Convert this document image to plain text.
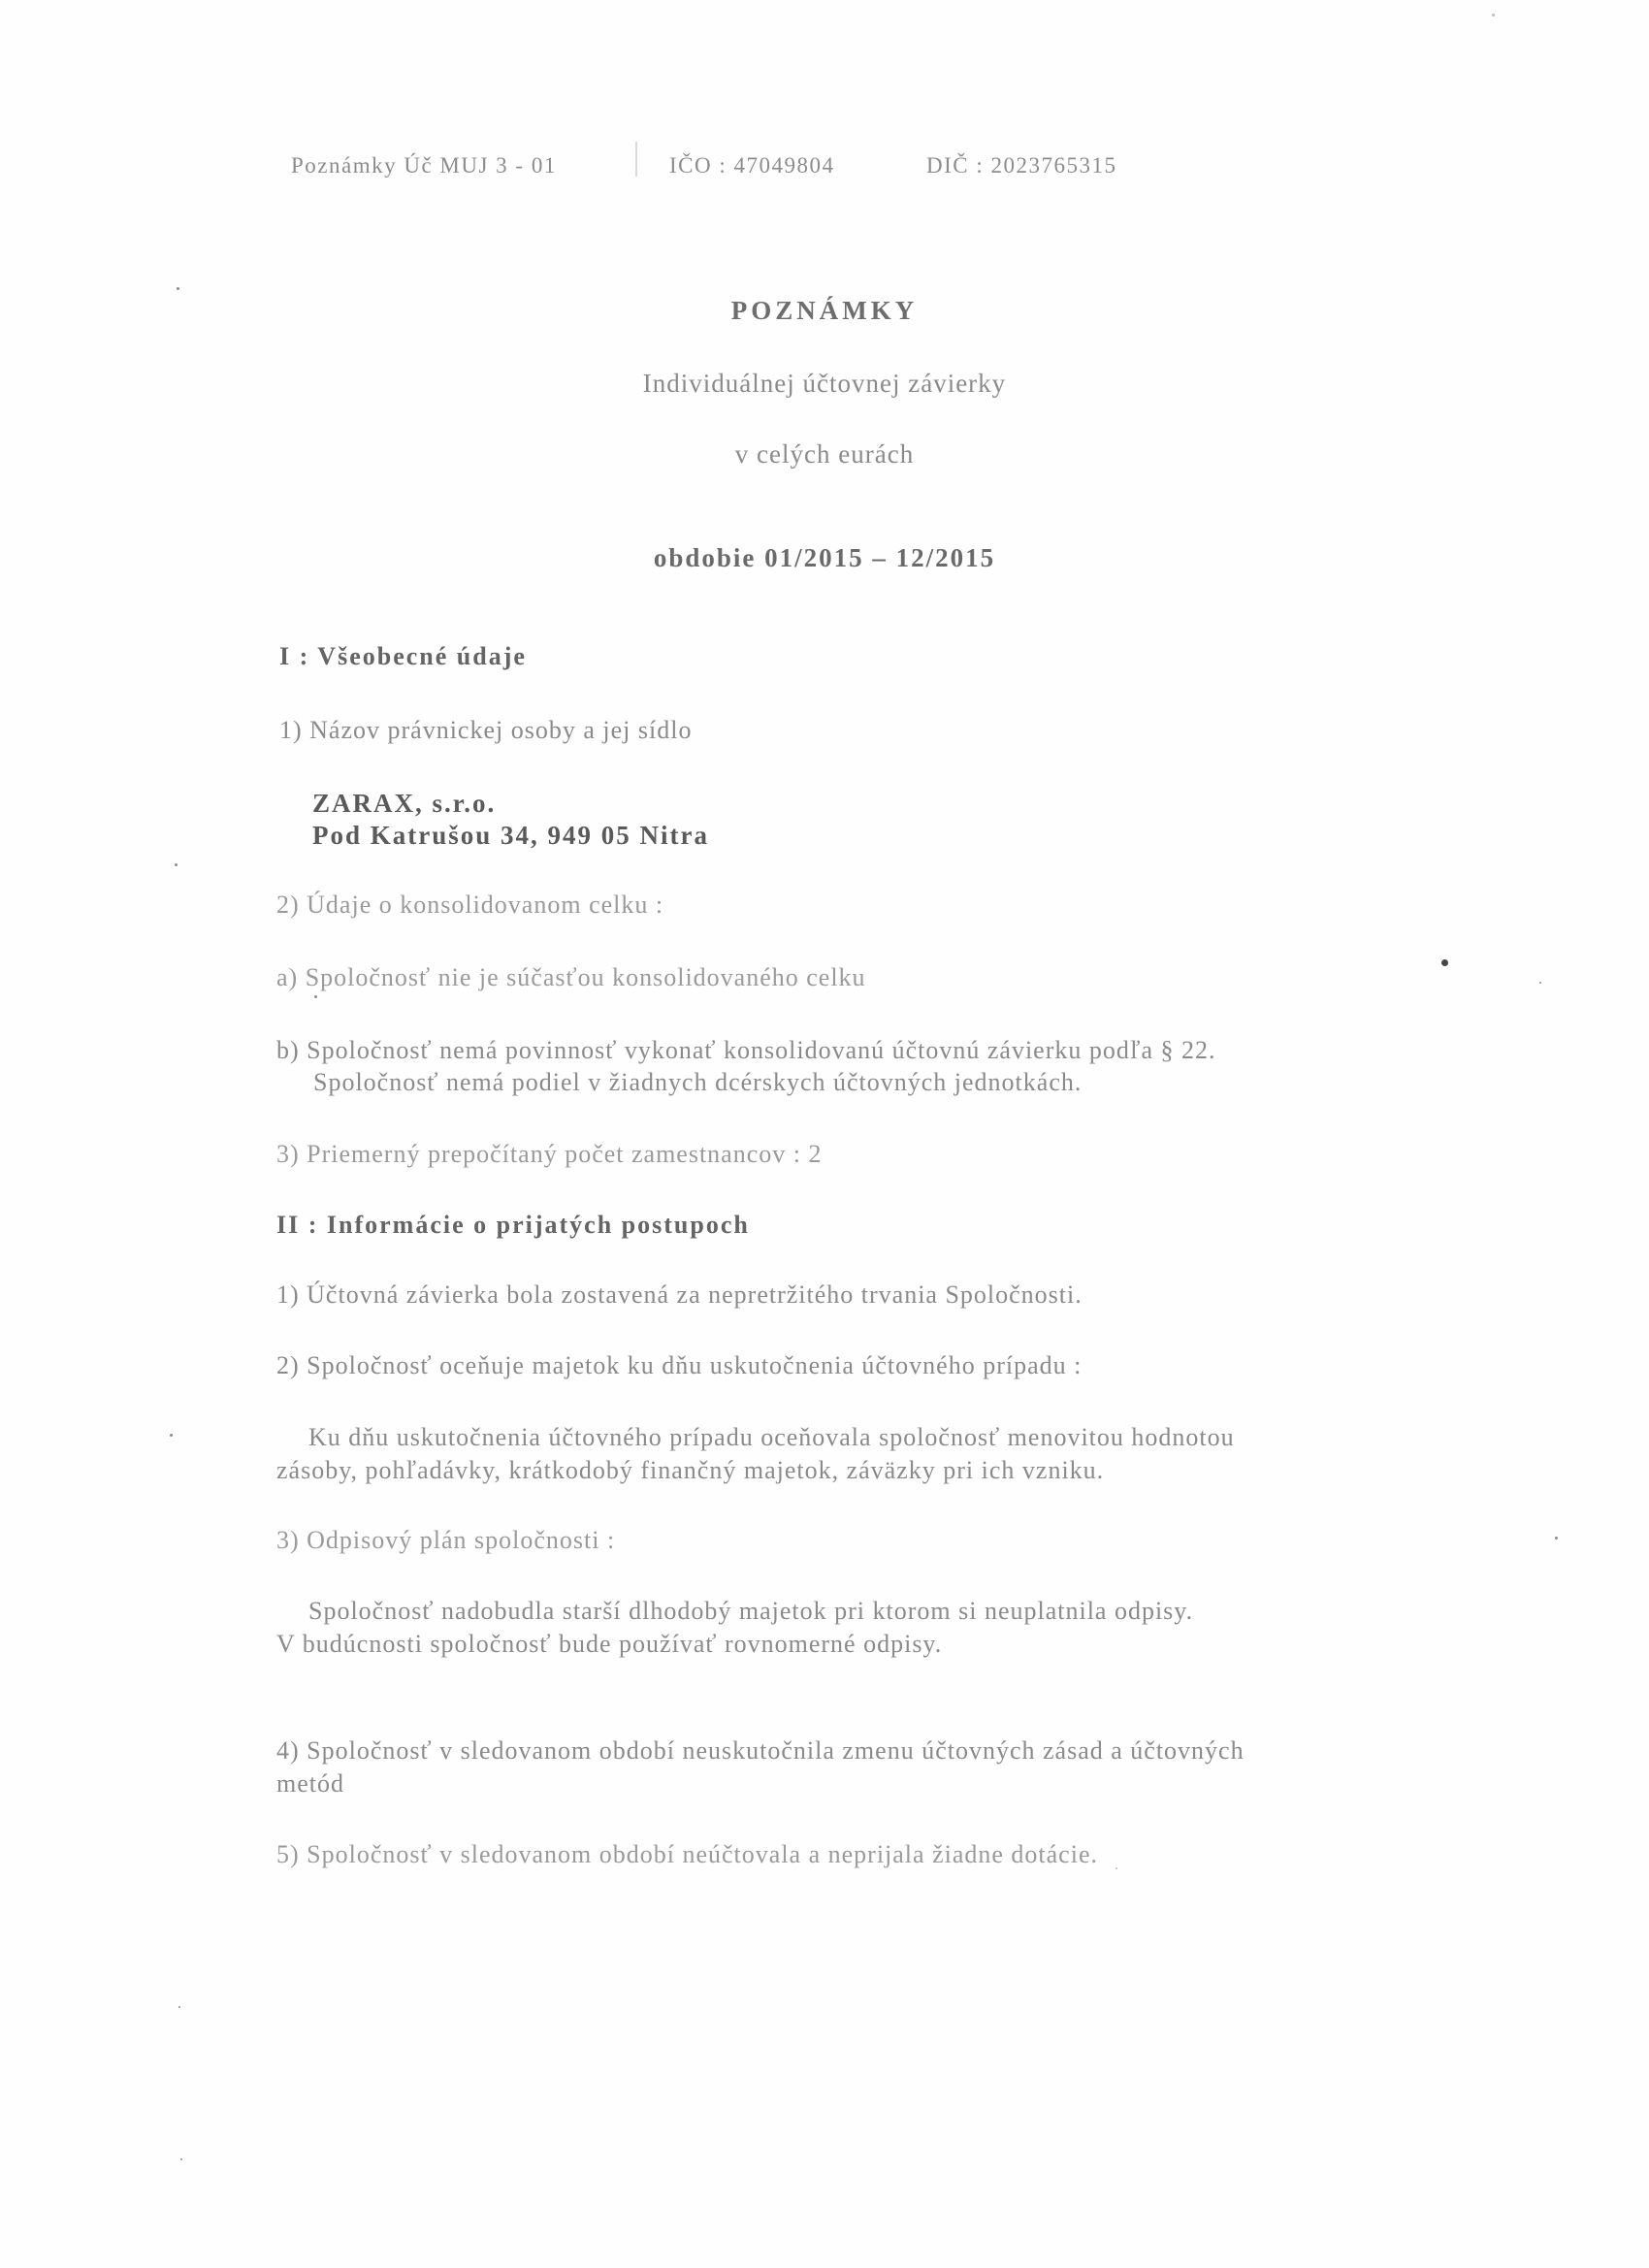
Poznámky Úč MUJ 3 - 01	IČO : 47049804	DIČ : 2023765315
POZNÁMKY
Individuálnej účtovnej závierky
v celých eurách
obdobie 01/2015 – 12/2015
I : Všeobecné údaje
1) Názov právnickej osoby a jej sídlo
ZARAX, s.r.o.
Pod Katrušou 34, 949 05 Nitra
2) Údaje o konsolidovanom celku :
a) Spoločnosť nie je súčasťou konsolidovaného celku
b) Spoločnosť nemá povinnosť vykonať konsolidovanú účtovnú závierku podľa § 22.
Spoločnosť nemá podiel v žiadnych dcérskych účtovných jednotkách.
3) Priemerný prepočítaný počet zamestnancov : 2
II : Informácie o prijatých postupoch
1) Účtovná závierka bola zostavená za nepretržitého trvania Spoločnosti.
2) Spoločnosť oceňuje majetok ku dňu uskutočnenia účtovného prípadu :
Ku dňu uskutočnenia účtovného prípadu oceňovala spoločnosť menovitou hodnotou
zásoby, pohľadávky, krátkodobý finančný majetok, záväzky pri ich vzniku.
3) Odpisový plán spoločnosti :
Spoločnosť nadobudla starší dlhodobý majetok pri ktorom si neuplatnila odpisy.
V budúcnosti spoločnosť bude používať rovnomerné odpisy.
4) Spoločnosť v sledovanom období neuskutočnila zmenu účtovných zásad a účtovných
metód
5) Spoločnosť v sledovanom období neúčtovala a neprijala žiadne dotácie.
